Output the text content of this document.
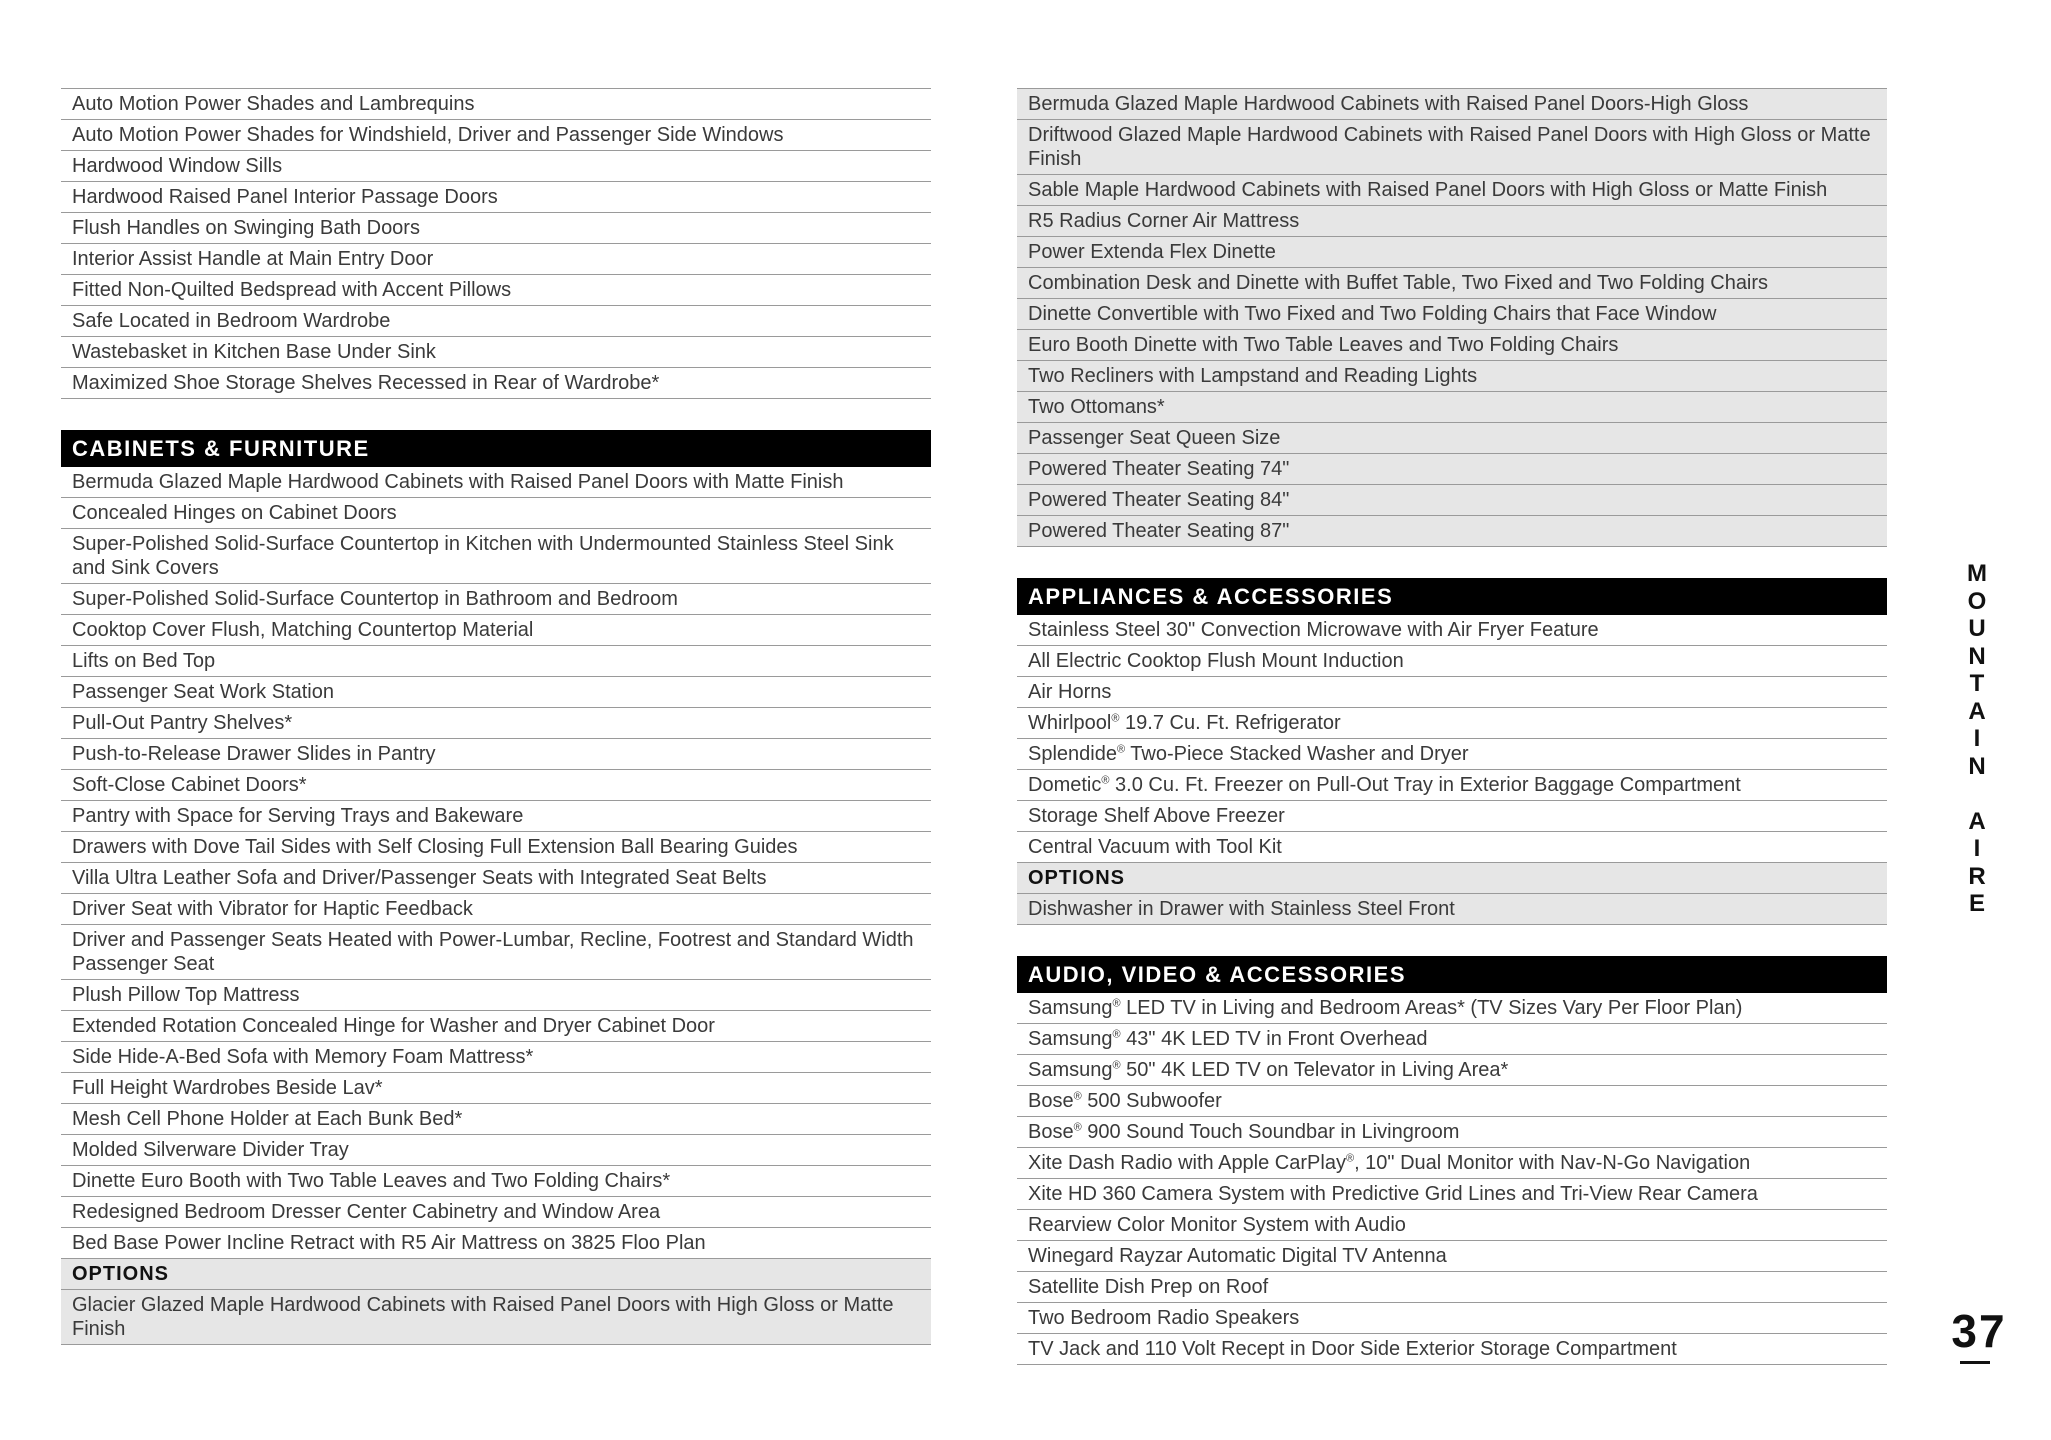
Auto Motion Power Shades and Lambrequins
Auto Motion Power Shades for Windshield, Driver and Passenger Side Windows
Hardwood Window Sills
Hardwood Raised Panel Interior Passage Doors
Flush Handles on Swinging Bath Doors
Interior Assist Handle at Main Entry Door
Fitted Non-Quilted Bedspread with Accent Pillows
Safe Located in Bedroom Wardrobe
Wastebasket in Kitchen Base Under Sink
Maximized Shoe Storage Shelves Recessed in Rear of Wardrobe*
CABINETS & FURNITURE
Bermuda Glazed Maple Hardwood Cabinets with Raised Panel Doors with Matte Finish
Concealed Hinges on Cabinet Doors
Super-Polished Solid-Surface Countertop in Kitchen with Undermounted Stainless Steel Sink and Sink Covers
Super-Polished Solid-Surface Countertop in Bathroom and Bedroom
Cooktop Cover Flush, Matching Countertop Material
Lifts on Bed Top
Passenger Seat Work Station
Pull-Out Pantry Shelves*
Push-to-Release Drawer Slides in Pantry
Soft-Close Cabinet Doors*
Pantry with Space for Serving Trays and Bakeware
Drawers with Dove Tail Sides with Self Closing Full Extension Ball Bearing Guides
Villa Ultra Leather Sofa and Driver/Passenger Seats with Integrated Seat Belts
Driver Seat with Vibrator for Haptic Feedback
Driver and Passenger Seats Heated with Power-Lumbar, Recline, Footrest and Standard Width Passenger Seat
Plush Pillow Top Mattress
Extended Rotation Concealed Hinge for Washer and Dryer Cabinet Door
Side Hide-A-Bed Sofa with Memory Foam Mattress*
Full Height Wardrobes Beside Lav*
Mesh Cell Phone Holder at Each Bunk Bed*
Molded Silverware Divider Tray
Dinette Euro Booth with Two Table Leaves and Two Folding Chairs*
Redesigned Bedroom Dresser Center Cabinetry and Window Area
Bed Base Power Incline Retract with R5 Air Mattress on 3825 Floo Plan
OPTIONS
Glacier Glazed Maple Hardwood Cabinets with Raised Panel Doors with High Gloss or Matte Finish
Bermuda Glazed Maple Hardwood Cabinets with Raised Panel Doors-High Gloss
Driftwood Glazed Maple Hardwood Cabinets with Raised Panel Doors with High Gloss or Matte Finish
Sable Maple Hardwood Cabinets with Raised Panel Doors with High Gloss or Matte Finish
R5 Radius Corner Air Mattress
Power Extenda Flex Dinette
Combination Desk and Dinette with Buffet Table, Two Fixed and Two Folding Chairs
Dinette Convertible with Two Fixed and Two Folding Chairs that Face Window
Euro Booth Dinette with Two Table Leaves and Two Folding Chairs
Two Recliners with Lampstand and Reading Lights
Two Ottomans*
Passenger Seat Queen Size
Powered Theater Seating 74"
Powered Theater Seating 84"
Powered Theater Seating 87"
APPLIANCES & ACCESSORIES
Stainless Steel 30" Convection Microwave with Air Fryer Feature
All Electric Cooktop Flush Mount Induction
Air Horns
Whirlpool® 19.7 Cu. Ft. Refrigerator
Splendide® Two-Piece Stacked Washer and Dryer
Dometic® 3.0 Cu. Ft. Freezer on Pull-Out Tray in Exterior Baggage Compartment
Storage Shelf Above Freezer
Central Vacuum with Tool Kit
OPTIONS
Dishwasher in Drawer with Stainless Steel Front
AUDIO, VIDEO & ACCESSORIES
Samsung® LED TV in Living and Bedroom Areas* (TV Sizes Vary Per Floor Plan)
Samsung® 43" 4K LED TV in Front Overhead
Samsung® 50" 4K LED TV on Televator in Living Area*
Bose® 500 Subwoofer
Bose® 900 Sound Touch Soundbar in Livingroom
Xite Dash Radio with Apple CarPlay®, 10" Dual Monitor with Nav-N-Go Navigation
Xite HD 360 Camera System with Predictive Grid Lines and Tri-View Rear Camera
Rearview Color Monitor System with Audio
Winegard Rayzar Automatic Digital TV Antenna
Satellite Dish Prep on Roof
Two Bedroom Radio Speakers
TV Jack and 110 Volt Recept in Door Side Exterior Storage Compartment
M
O
U
N
T
A
I
N

A
I
R
E
37
